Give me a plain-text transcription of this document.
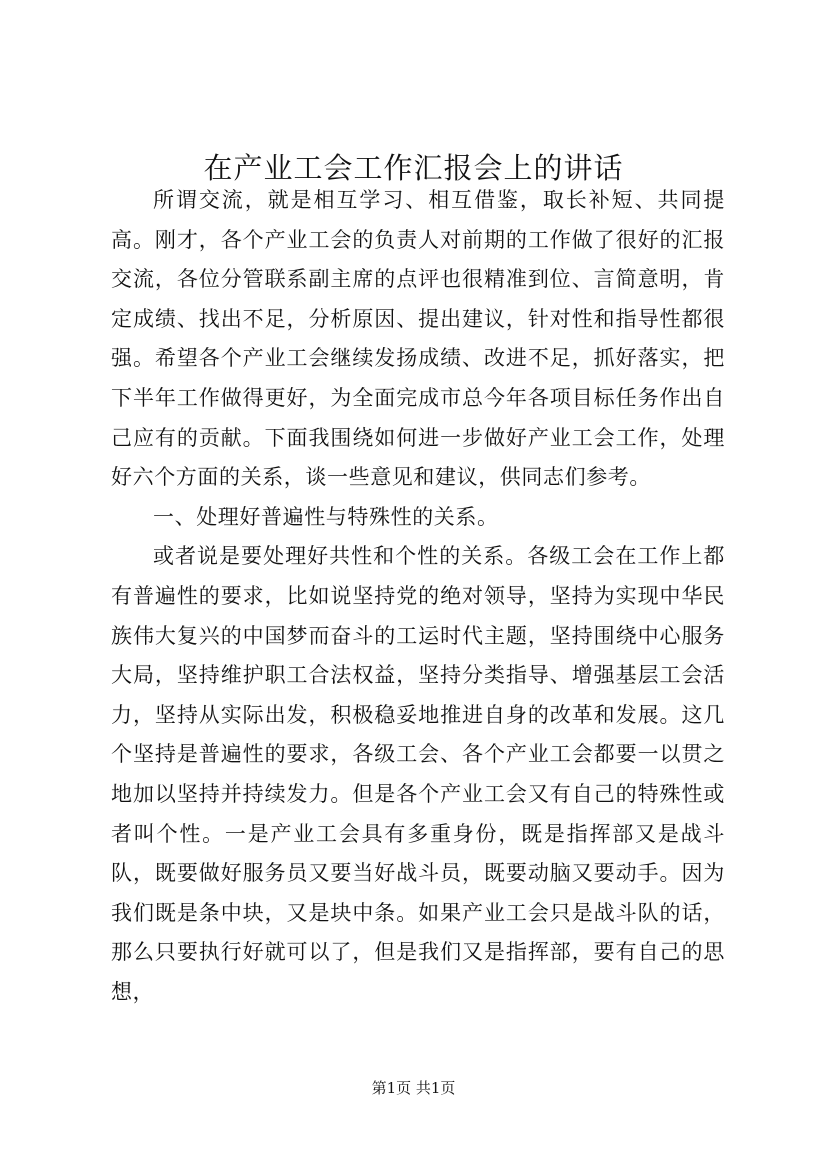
在产业工会工作汇报会上的讲话

所谓交流，就是相互学习、相互借鉴，取长补短、共同提高。刚才，各个产业工会的负责人对前期的工作做了很好的汇报交流，各位分管联系副主席的点评也很精准到位、言简意明，肯定成绩、找出不足，分析原因、提出建议，针对性和指导性都很强。希望各个产业工会继续发扬成绩、改进不足，抓好落实，把下半年工作做得更好，为全面完成市总今年各项目标任务作出自己应有的贡献。下面我围绕如何进一步做好产业工会工作，处理好六个方面的关系，谈一些意见和建议，供同志们参考。

一、处理好普遍性与特殊性的关系。

或者说是要处理好共性和个性的关系。各级工会在工作上都有普遍性的要求，比如说坚持党的绝对领导，坚持为实现中华民族伟大复兴的中国梦而奋斗的工运时代主题，坚持围绕中心服务大局，坚持维护职工合法权益，坚持分类指导、增强基层工会活力，坚持从实际出发，积极稳妥地推进自身的改革和发展。这几个坚持是普遍性的要求，各级工会、各个产业工会都要一以贯之地加以坚持并持续发力。但是各个产业工会又有自己的特殊性或者叫个性。一是产业工会具有多重身份，既是指挥部又是战斗队，既要做好服务员又要当好战斗员，既要动脑又要动手。因为我们既是条中块，又是块中条。如果产业工会只是战斗队的话，那么只要执行好就可以了，但是我们又是指挥部，要有自己的思想，

第1页 共1页
